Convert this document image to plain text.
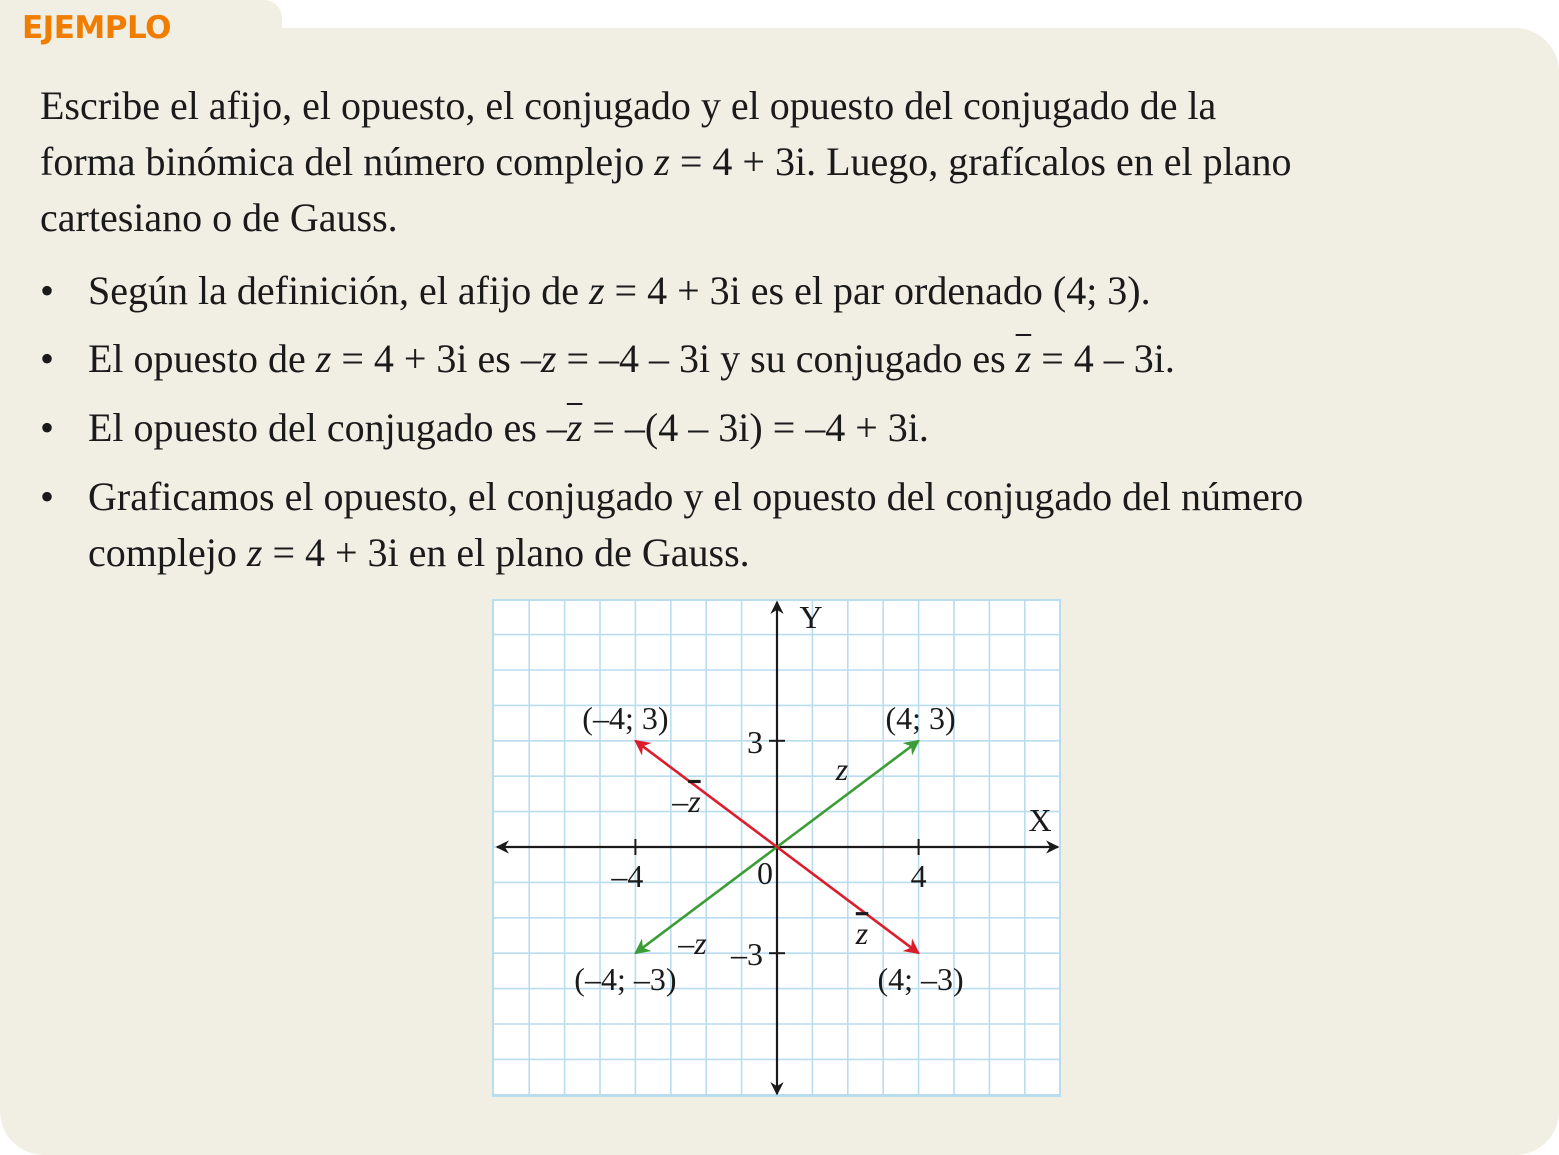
EJEMPLO
Escribe el afijo, el opuesto, el conjugado y el opuesto del conjugado de la
forma binómica del número complejo z = 4 + 3i. Luego, grafícalos en el plano
cartesiano o de Gauss.
• Según la definición, el afijo de z = 4 + 3i es el par ordenado (4; 3).
• El opuesto de z = 4 + 3i es –z = –4 – 3i y su conjugado es $\overline{z} = 4 - 3i$.
• El opuesto del conjugado es $-\overline{z} = -(4 - 3i) = -4 + 3i$.
• Graficamos el opuesto, el conjugado y el opuesto del conjugado del número
complejo z = 4 + 3i en el plano de Gauss.
X
Y
0
–4	4
3
–3
(4; 3)
z
(–4; –3)
–z
(4; –3)
z
(–4; 3)
–z
